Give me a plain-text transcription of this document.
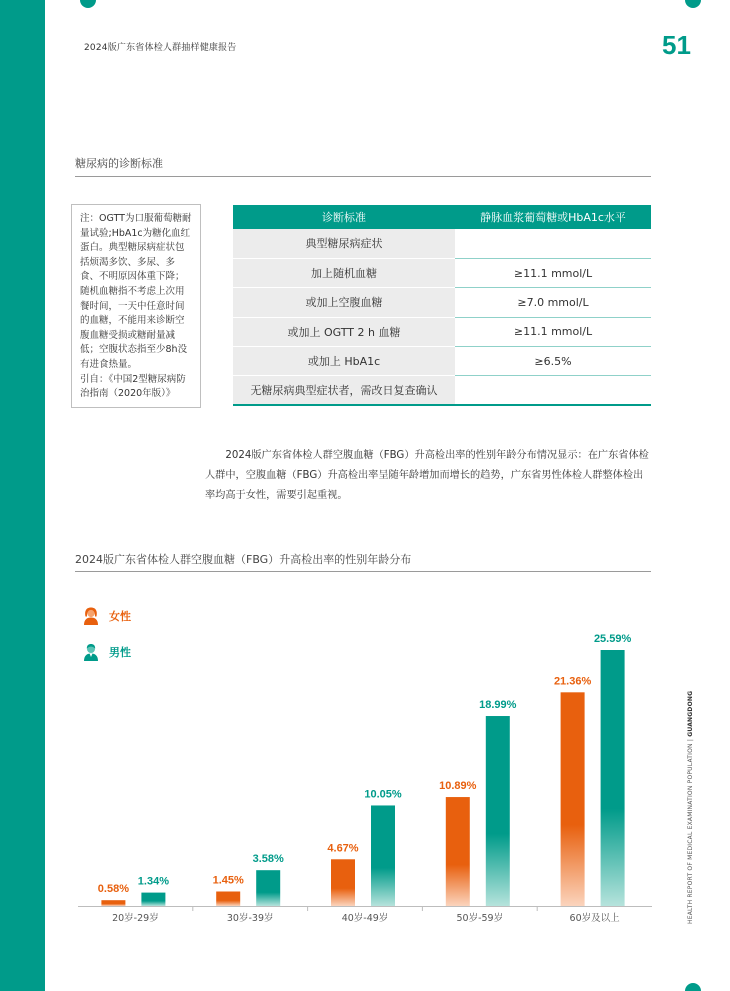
2024版广东省体检人群抽样健康报告	51
糖尿病的诊断标准
注：OGTT为口服葡萄糖耐量试验;HbA1c为糖化血红蛋白。典型糖尿病症状包括烦渴多饮、多尿、多食、不明原因体重下降；随机血糖指不考虑上次用餐时间，一天中任意时间的血糖，不能用来诊断空腹血糖受损或糖耐量减低；空腹状态指至少8h没有进食热量。
引自：《中国2型糖尿病防治指南（2020年版）》
诊断标准	静脉血浆葡萄糖或HbA1c水平
典型糖尿病症状	
加上随机血糖	≥11.1 mmol/L
或加上空腹血糖	≥7.0 mmol/L
或加上 OGTT 2 h 血糖	≥11.1 mmol/L
或加上 HbA1c	≥6.5%
无糖尿病典型症状者，需改日复查确认	
2024版广东省体检人群空腹血糖（FBG）升高检出率的性别年龄分布情况显示：在广东省体检人群中，空腹血糖（FBG）升高检出率呈随年龄增加而增长的趋势，广东省男性体检人群整体检出率均高于女性，需要引起重视。
2024版广东省体检人群空腹血糖（FBG）升高检出率的性别年龄分布
女性
男性
0.58%
1.34%
20岁-29岁
1.45%
3.58%
30岁-39岁
4.67%
10.05%
40岁-49岁
10.89%
18.99%
50岁-59岁
21.36%
25.59%
60岁及以上	HEALTH REPORT OF MEDICAL EXAMINATION POPULATION | GUANGDONG
